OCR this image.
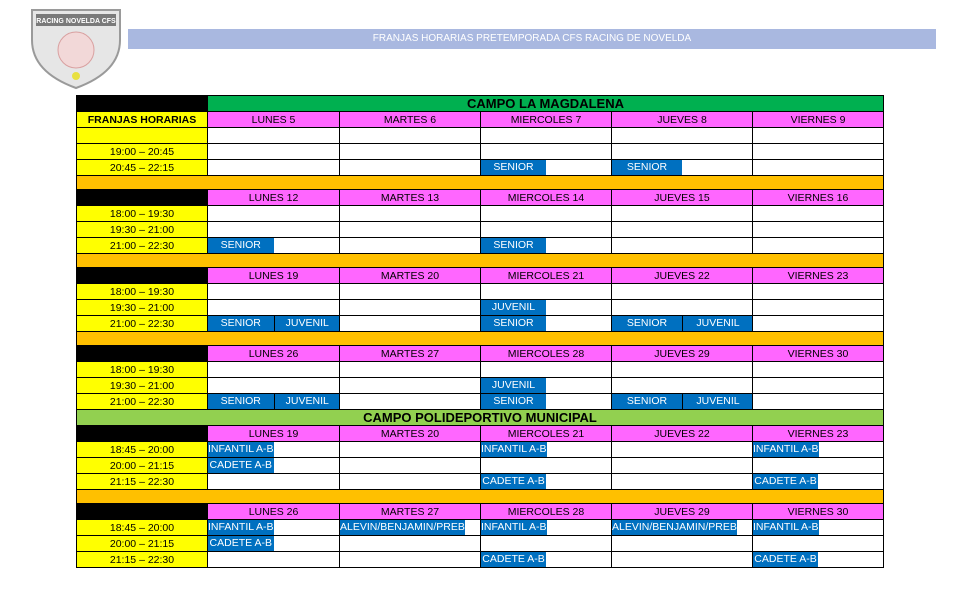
RACING NOVELDA CFS
FRANJAS HORARIAS PRETEMPORADA CFS RACING DE NOVELDA
	CAMPO LA MAGDALENA				
FRANJAS HORARIAS	LUNES 5	MARTES 6	MIERCOLES 7	JUEVES 8	VIERNES 9

19:00 – 20:45	

20:45 – 22:15			SENIOR	SENIOR	

	LUNES 12	MARTES 13	MIERCOLES 14	JUEVES 15	VIERNES 16
18:00 – 19:30	

19:30 – 21:00	

21:00 – 22:30	SENIOR		SENIOR		

	LUNES 19	MARTES 20	MIERCOLES 21	JUEVES 22	VIERNES 23
18:00 – 19:30	

19:30 – 21:00			JUVENIL		

21:00 – 22:30	SENIOR JUVENIL		SENIOR	SENIOR JUVENIL	

	LUNES 26	MARTES 27	MIERCOLES 28	JUEVES 29	VIERNES 30
18:00 – 19:30	

19:30 – 21:00			JUVENIL		

21:00 – 22:30	SENIOR JUVENIL		SENIOR	SENIOR JUVENIL	

CAMPO POLIDEPORTIVO MUNICIPAL					
	LUNES 19	MARTES 20	MIERCOLES 21	JUEVES 22	VIERNES 23
18:45 – 20:00	INFANTIL A-B		INFANTIL A-B		INFANTIL A-B

20:00 – 21:15	CADETE A-B				

21:15 – 22:30			CADETE A-B		CADETE A-B

	LUNES 26	MARTES 27	MIERCOLES 28	JUEVES 29	VIERNES 30
18:45 – 20:00	INFANTIL A-B	ALEVIN/BENJAMIN/PREB	INFANTIL A-B	ALEVIN/BENJAMIN/PREB	INFANTIL A-B

20:00 – 21:15	CADETE A-B				

21:15 – 22:30			CADETE A-B		CADETE A-B
